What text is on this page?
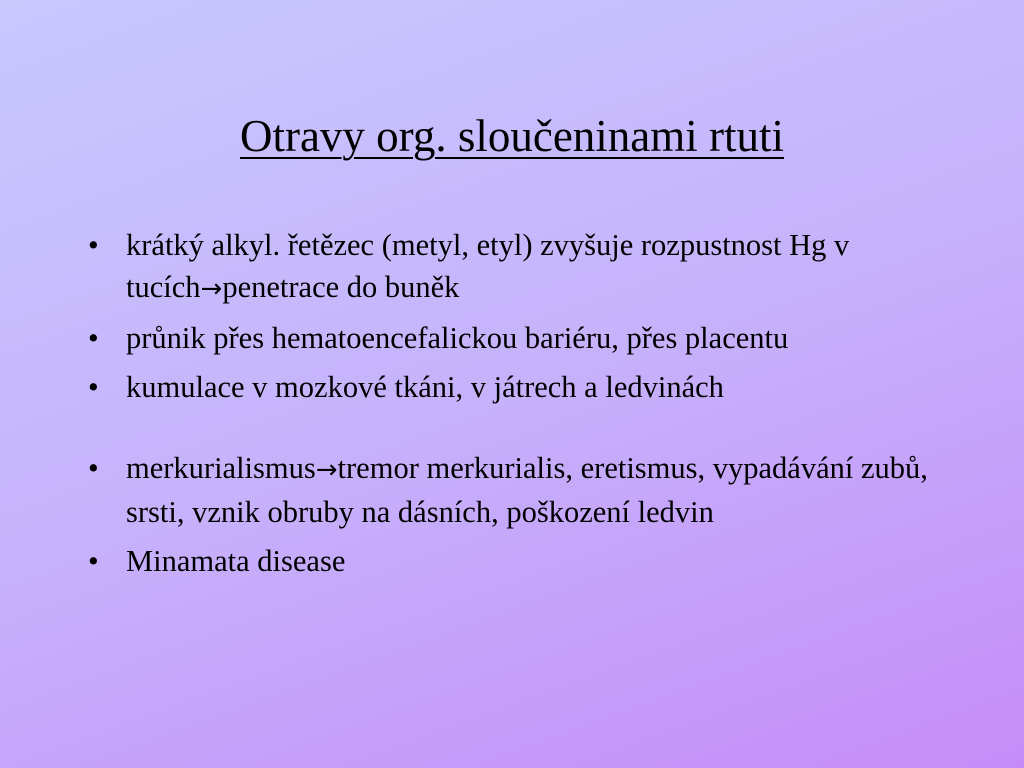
Otravy org. sloučeninami rtuti
• krátký alkyl. řetězec (metyl, etyl) zvyšuje rozpustnost Hg v tucích→penetrace do buněk
• průnik přes hematoencefalickou bariéru, přes placentu
• kumulace v mozkové tkáni, v játrech a ledvinách
• merkurialismus→tremor merkurialis, eretismus, vypadávání zubů, srsti, vznik obruby na dásních, poškození ledvin
• Minamata disease
